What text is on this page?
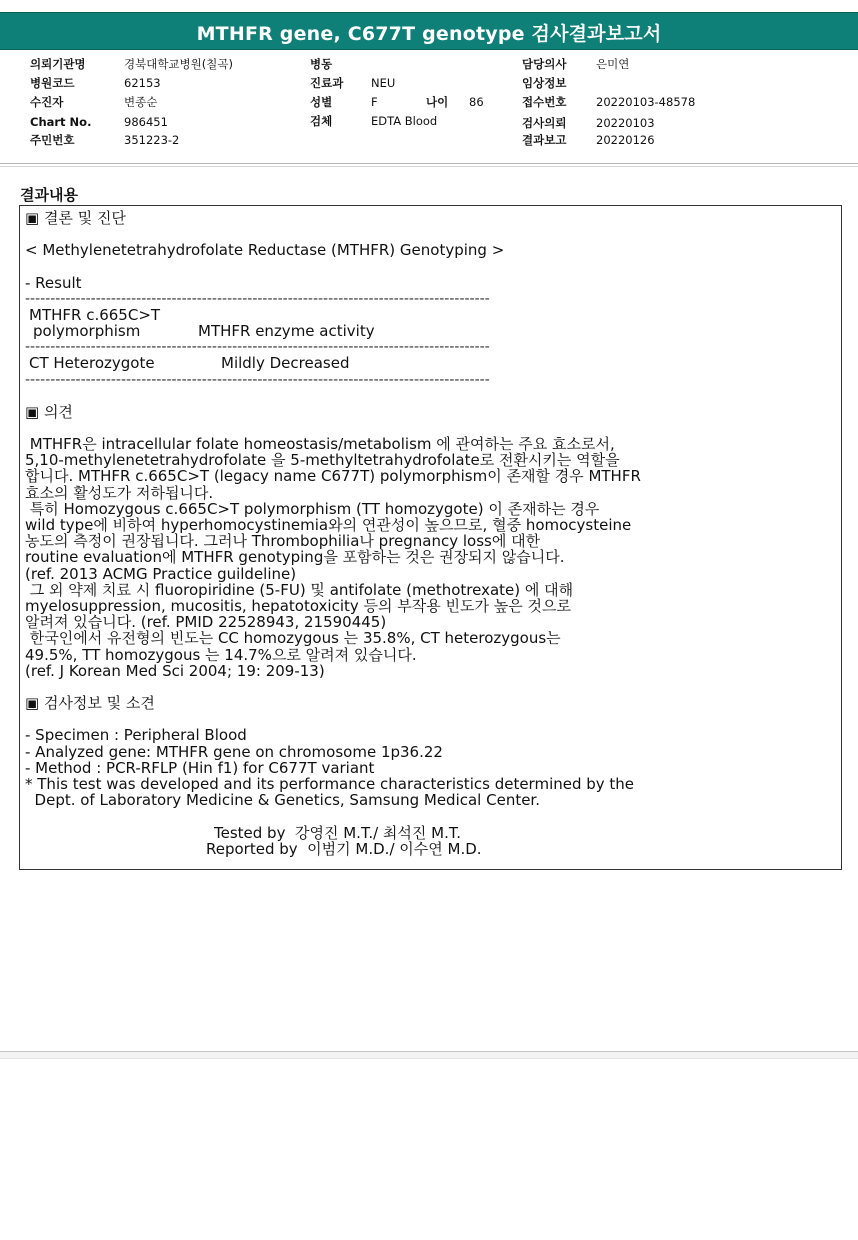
MTHFR gene, C677T genotype 검사결과보고서
의뢰기관명	경북대학교병원(칠곡)
병원코드	62153
수진자	변종순
Chart No.	986451
주민번호	351223-2
병동
진료과 NEU
성별	F	나이 86
검체	EDTA Blood
담당의사	은미연
임상정보
접수번호	20220103-48578
검사의뢰	20220103
결과보고	20220126
결과내용
▣ 결론 및 진단
< Methylenetetrahydrofolate Reductase (MTHFR) Genotyping >
- Result
--------------------------------------------------------------------------------------------
MTHFR c.665C>T
polymorphism	MTHFR enzyme activity
--------------------------------------------------------------------------------------------
CT Heterozygote	Mildly Decreased
--------------------------------------------------------------------------------------------
▣ 의견
MTHFR은 intracellular folate homeostasis/metabolism 에 관여하는 주요 효소로서,
5,10-methylenetetrahydrofolate 을 5-methyltetrahydrofolate로 전환시키는 역할을
합니다. MTHFR c.665C>T (legacy name C677T) polymorphism이 존재할 경우 MTHFR
효소의 활성도가 저하됩니다.
특히 Homozygous c.665C>T polymorphism (TT homozygote) 이 존재하는 경우
wild type에 비하여 hyperhomocystinemia와의 연관성이 높으므로, 혈중 homocysteine
농도의 측정이 권장됩니다. 그러나 Thrombophilia나 pregnancy loss에 대한
routine evaluation에 MTHFR genotyping을 포함하는 것은 권장되지 않습니다.
(ref. 2013 ACMG Practice guildeline)
그 외 약제 치료 시 fluoropiridine (5-FU) 및 antifolate (methotrexate) 에 대해
myelosuppression, mucositis, hepatotoxicity 등의 부작용 빈도가 높은 것으로
알려져 있습니다. (ref. PMID 22528943, 21590445)
한국인에서 유전형의 빈도는 CC homozygous 는 35.8%, CT heterozygous는
49.5%, TT homozygous 는 14.7%으로 알려져 있습니다.
(ref. J Korean Med Sci 2004; 19: 209-13)
▣ 검사정보 및 소견
- Specimen : Peripheral Blood
- Analyzed gene: MTHFR gene on chromosome 1p36.22
- Method : PCR-RFLP (Hin f1) for C677T variant
* This test was developed and its performance characteristics determined by the
Dept. of Laboratory Medicine & Genetics, Samsung Medical Center.
Tested by  강영진 M.T./ 최석진 M.T.
Reported by  이범기 M.D./ 이수연 M.D.
